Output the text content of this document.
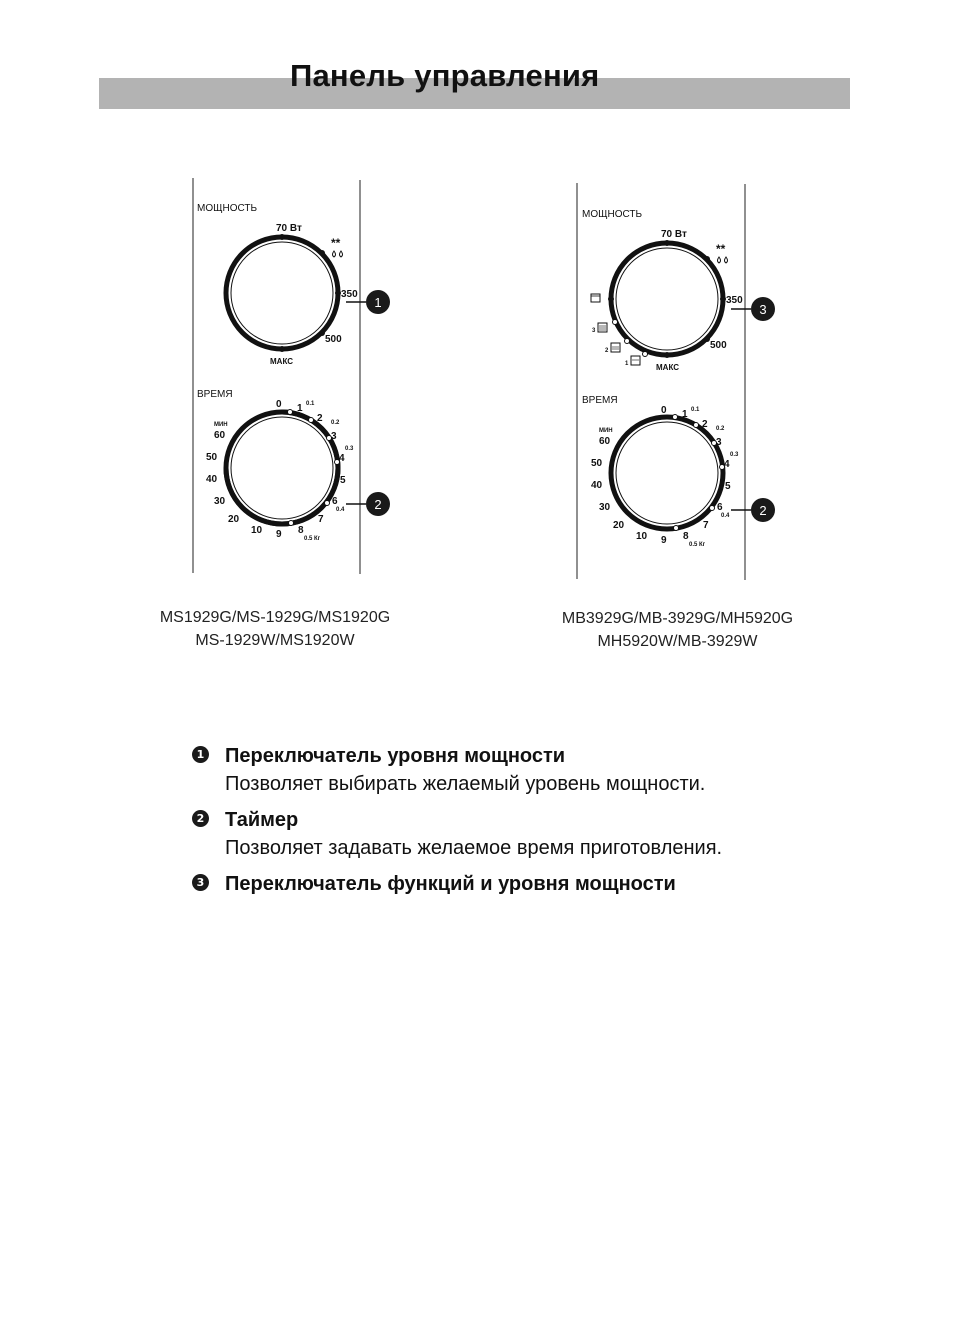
Панель управления
МОЩНОСТЬ
70 Вт
350
500
МАКС
**
1
ВРЕМЯ
МИН
0 1
2
3
4
5
6
7
8
9
10
20
30
40
50
60
0.1
0.2
0.3
0.4
0.5 Кг
2
МОЩНОСТЬ
70 Вт
350
500
МАКС
**
3
2
1
3
ВРЕМЯ
МИН
0 1
2
3
4
5
6
7
8
9
10
20
30
40
50
60
0.1
0.2
0.3
0.4
0.5 Кг
2
MS1929G/MS-1929G/MS1920G
MS-1929W/MS1920W
MB3929G/MB-3929G/MH5920G
MH5920W/MB-3929W
1 Переключатель уровня мощности
Позволяет выбирать желаемый уровень мощности.
2 Таймер
Позволяет задавать желаемое время приготовления.
3 Переключатель функций и уровня мощности
